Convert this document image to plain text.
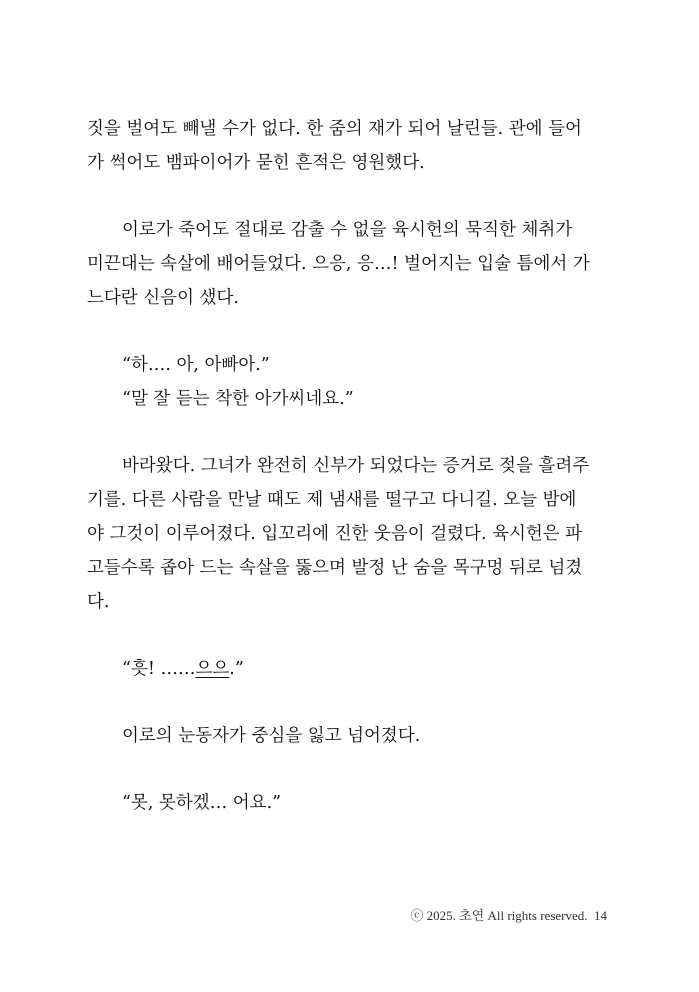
짓을 벌여도 빼낼 수가 없다. 한 줌의 재가 되어 날린들. 관에 들어
가 썩어도 뱀파이어가 묻힌 흔적은 영원했다.

이로가 죽어도 절대로 감출 수 없을 육시헌의 묵직한 체취가
미끈대는 속살에 배어들었다. 으응, 응…! 벌어지는 입술 틈에서 가
느다란 신음이 샜다.

“하…. 아, 아빠아.”

“말 잘 듣는 착한 아가씨네요.”

바라왔다. 그녀가 완전히 신부가 되었다는 증거로 젖을 흘려주
기를. 다른 사람을 만날 때도 제 냄새를 떨구고 다니길. 오늘 밤에
야 그것이 이루어졌다. 입꼬리에 진한 웃음이 걸렸다. 육시헌은 파
고들수록 좁아 드는 속살을 뚫으며 발정 난 숨을 목구멍 뒤로 넘겼
다.

“흣! ……으으.”

이로의 눈동자가 중심을 잃고 넘어졌다.

“못, 못하겠… 어요.”

ⓒ 2025. 초연 All rights reserved. 14
